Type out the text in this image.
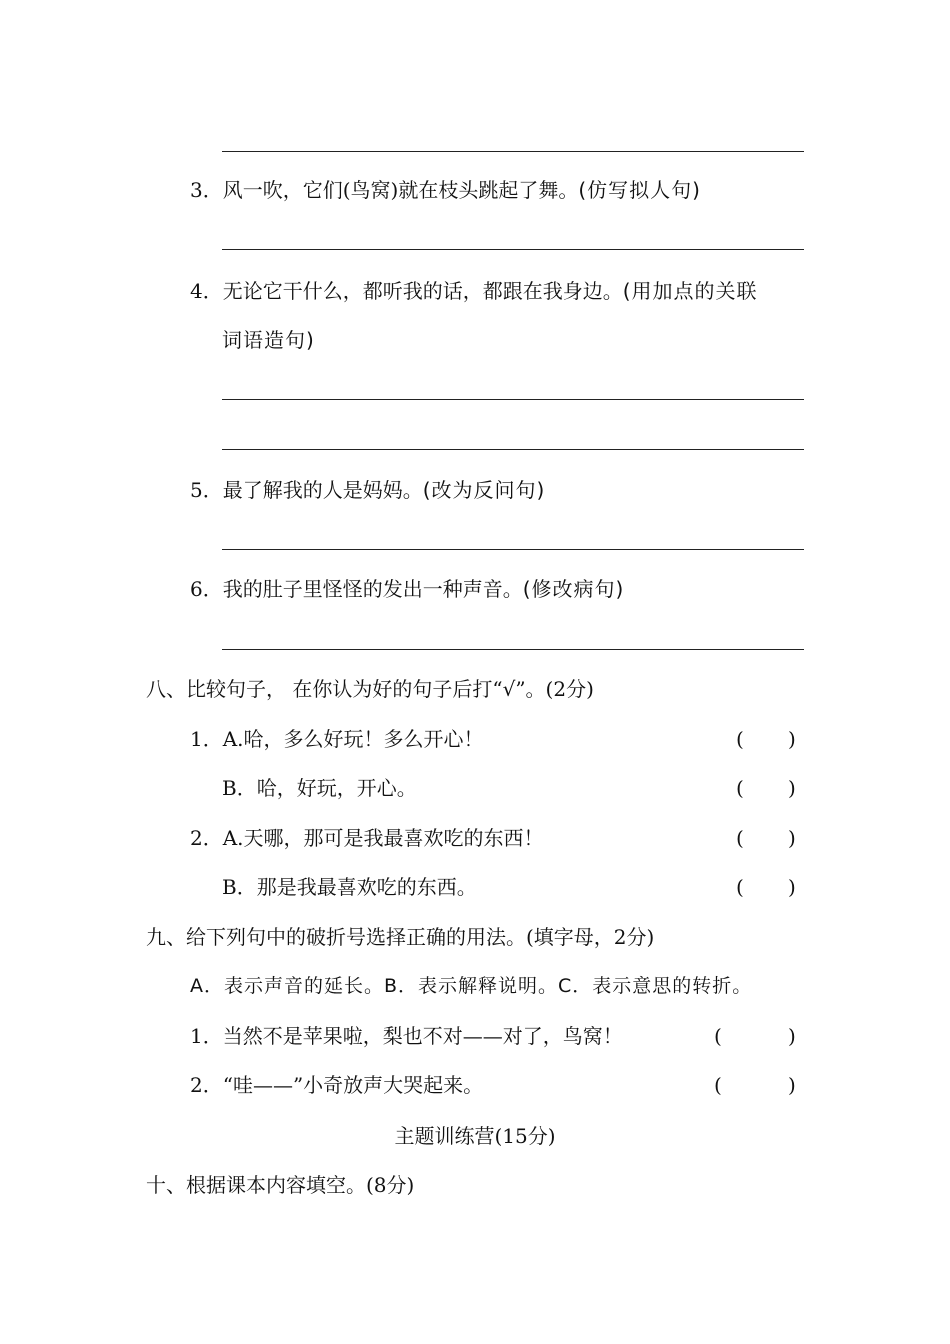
3．风一吹，它们(鸟窝)就在枝头跳起了舞。(仿写拟人句)
4．无论它干什么，都听我的话，都跟在我身边。(用加点的关联
词语造句)
5．最了解我的人是妈妈。(改为反问句)
6．我的肚子里怪怪的发出一种声音。(修改病句)
八、比较句子， 在你认为好的句子后打“√”。(2分)
1．A.哈，多么好玩！多么开心！	( )
B．哈，好玩，开心。	( )
2．A.天哪，那可是我最喜欢吃的东西！	( )
B．那是我最喜欢吃的东西。	( )
九、给下列句中的破折号选择正确的用法。(填字母，2分)
A．表示声音的延长。B．表示解释说明。C．表示意思的转折。
1．当然不是苹果啦，梨也不对——对了，鸟窝！	(	)
2．“哇——”小奇放声大哭起来。	(	)
主题训练营(15分)
十、根据课本内容填空。(8分)
